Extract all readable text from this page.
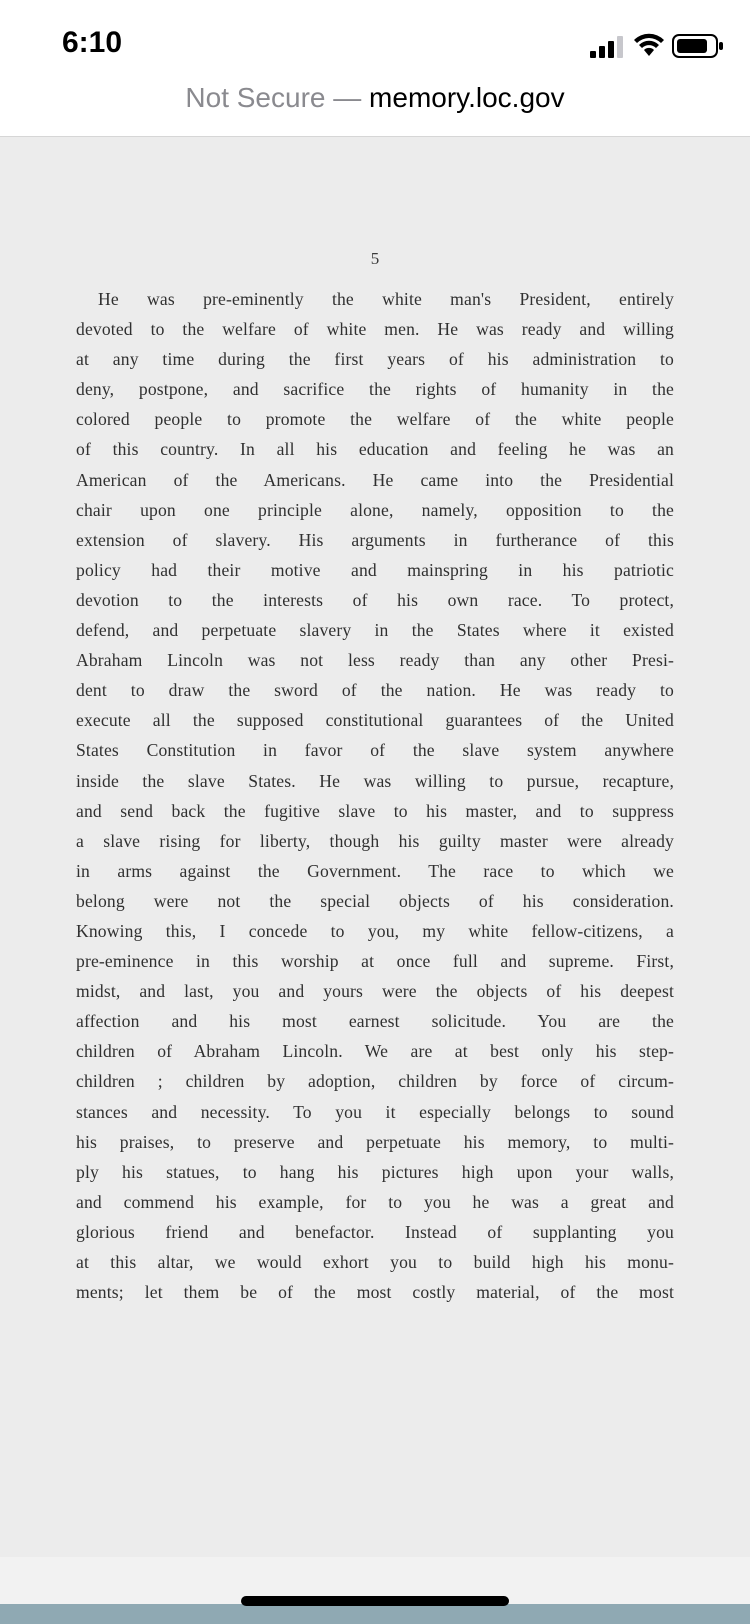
6:10
Not Secure — memory.loc.gov
5
He was pre-eminently the white man's President, entirely
devoted to the welfare of white men. He was ready and willing
at any time during the first years of his administration to
deny, postpone, and sacrifice the rights of humanity in the
colored people to promote the welfare of the white people
of this country. In all his education and feeling he was an
American of the Americans. He came into the Presidential
chair upon one principle alone, namely, opposition to the
extension of slavery. His arguments in furtherance of this
policy had their motive and mainspring in his patriotic
devotion to the interests of his own race. To protect,
defend, and perpetuate slavery in the States where it existed
Abraham Lincoln was not less ready than any other Presi-
dent to draw the sword of the nation. He was ready to
execute all the supposed constitutional guarantees of the United
States Constitution in favor of the slave system anywhere
inside the slave States. He was willing to pursue, recapture,
and send back the fugitive slave to his master, and to suppress
a slave rising for liberty, though his guilty master were already
in arms against the Government. The race to which we
belong were not the special objects of his consideration.
Knowing this, I concede to you, my white fellow-citizens, a
pre-eminence in this worship at once full and supreme. First,
midst, and last, you and yours were the objects of his deepest
affection and his most earnest solicitude. You are the
children of Abraham Lincoln. We are at best only his step-
children ; children by adoption, children by force of circum-
stances and necessity. To you it especially belongs to sound
his praises, to preserve and perpetuate his memory, to multi-
ply his statues, to hang his pictures high upon your walls,
and commend his example, for to you he was a great and
glorious friend and benefactor. Instead of supplanting you
at this altar, we would exhort you to build high his monu-
ments; let them be of the most costly material, of the most
